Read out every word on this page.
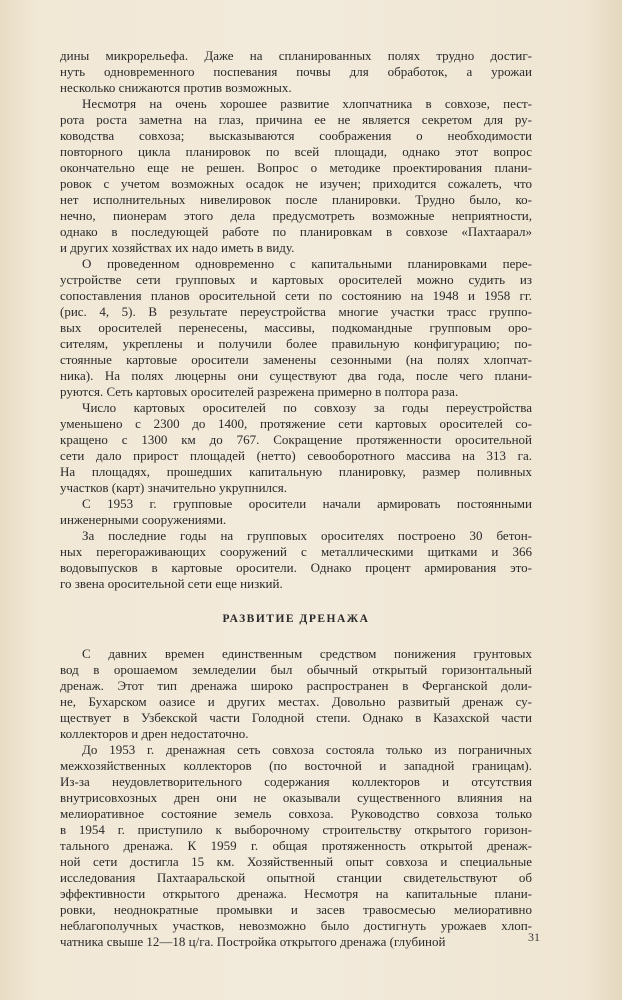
дины микрорельефа. Даже на спланированных полях трудно достиг-
нуть одновременного поспевания почвы для обработок, а урожаи
несколько снижаются против возможных.
Несмотря на очень хорошее развитие хлопчатника в совхозе, пест-
рота роста заметна на глаз, причина ее не является секретом для ру-
ководства совхоза; высказываются соображения о необходимости
повторного цикла планировок по всей площади, однако этот вопрос
окончательно еще не решен. Вопрос о методике проектирования плани-
ровок с учетом возможных осадок не изучен; приходится сожалеть, что
нет исполнительных нивелировок после планировки. Трудно было, ко-
нечно, пионерам этого дела предусмотреть возможные неприятности,
однако в последующей работе по планировкам в совхозе «Пахтаарал»
и других хозяйствах их надо иметь в виду.
О проведенном одновременно с капитальными планировками пере-
устройстве сети групповых и картовых оросителей можно судить из
сопоставления планов оросительной сети по состоянию на 1948 и 1958 гг.
(рис. 4, 5). В результате переустройства многие участки трасс группо-
вых оросителей перенесены, массивы, подкомандные групповым оро-
сителям, укреплены и получили более правильную конфигурацию; по-
стоянные картовые оросители заменены сезонными (на полях хлопчат-
ника). На полях люцерны они существуют два года, после чего плани-
руются. Сеть картовых оросителей разрежена примерно в полтора раза.
Число картовых оросителей по совхозу за годы переустройства
уменьшено с 2300 до 1400, протяжение сети картовых оросителей со-
кращено с 1300 км до 767. Сокращение протяженности оросительной
сети дало прирост площадей (нетто) севооборотного массива на 313 га.
На площадях, прошедших капитальную планировку, размер поливных
участков (карт) значительно укрупнился.
С 1953 г. групповые оросители начали армировать постоянными
инженерными сооружениями.
За последние годы на групповых оросителях построено 30 бетон-
ных перегораживающих сооружений с металлическими щитками и 366
водовыпусков в картовые оросители. Однако процент армирования это-
го звена оросительной сети еще низкий.
РАЗВИТИЕ ДРЕНАЖА
С давних времен единственным средством понижения грунтовых
вод в орошаемом земледелии был обычный открытый горизонтальный
дренаж. Этот тип дренажа широко распространен в Ферганской доли-
не, Бухарском оазисе и других местах. Довольно развитый дренаж су-
ществует в Узбекской части Голодной степи. Однако в Казахской части
коллекторов и дрен недостаточно.
До 1953 г. дренажная сеть совхоза состояла только из пограничных
межхозяйственных коллекторов (по восточной и западной границам).
Из-за неудовлетворительного содержания коллекторов и отсутствия
внутрисовхозных дрен они не оказывали существенного влияния на
мелиоративное состояние земель совхоза. Руководство совхоза только
в 1954 г. приступило к выборочному строительству открытого горизон-
тального дренажа. К 1959 г. общая протяженность открытой дренаж-
ной сети достигла 15 км. Хозяйственный опыт совхоза и специальные
исследования Пахтааральской опытной станции свидетельствуют об
эффективности открытого дренажа. Несмотря на капитальные плани-
ровки, неоднократные промывки и засев травосмесью мелиоративно
неблагополучных участков, невозможно было достигнуть урожаев хлоп-
чатника свыше 12—18 ц/га. Постройка открытого дренажа (глубиной	31
